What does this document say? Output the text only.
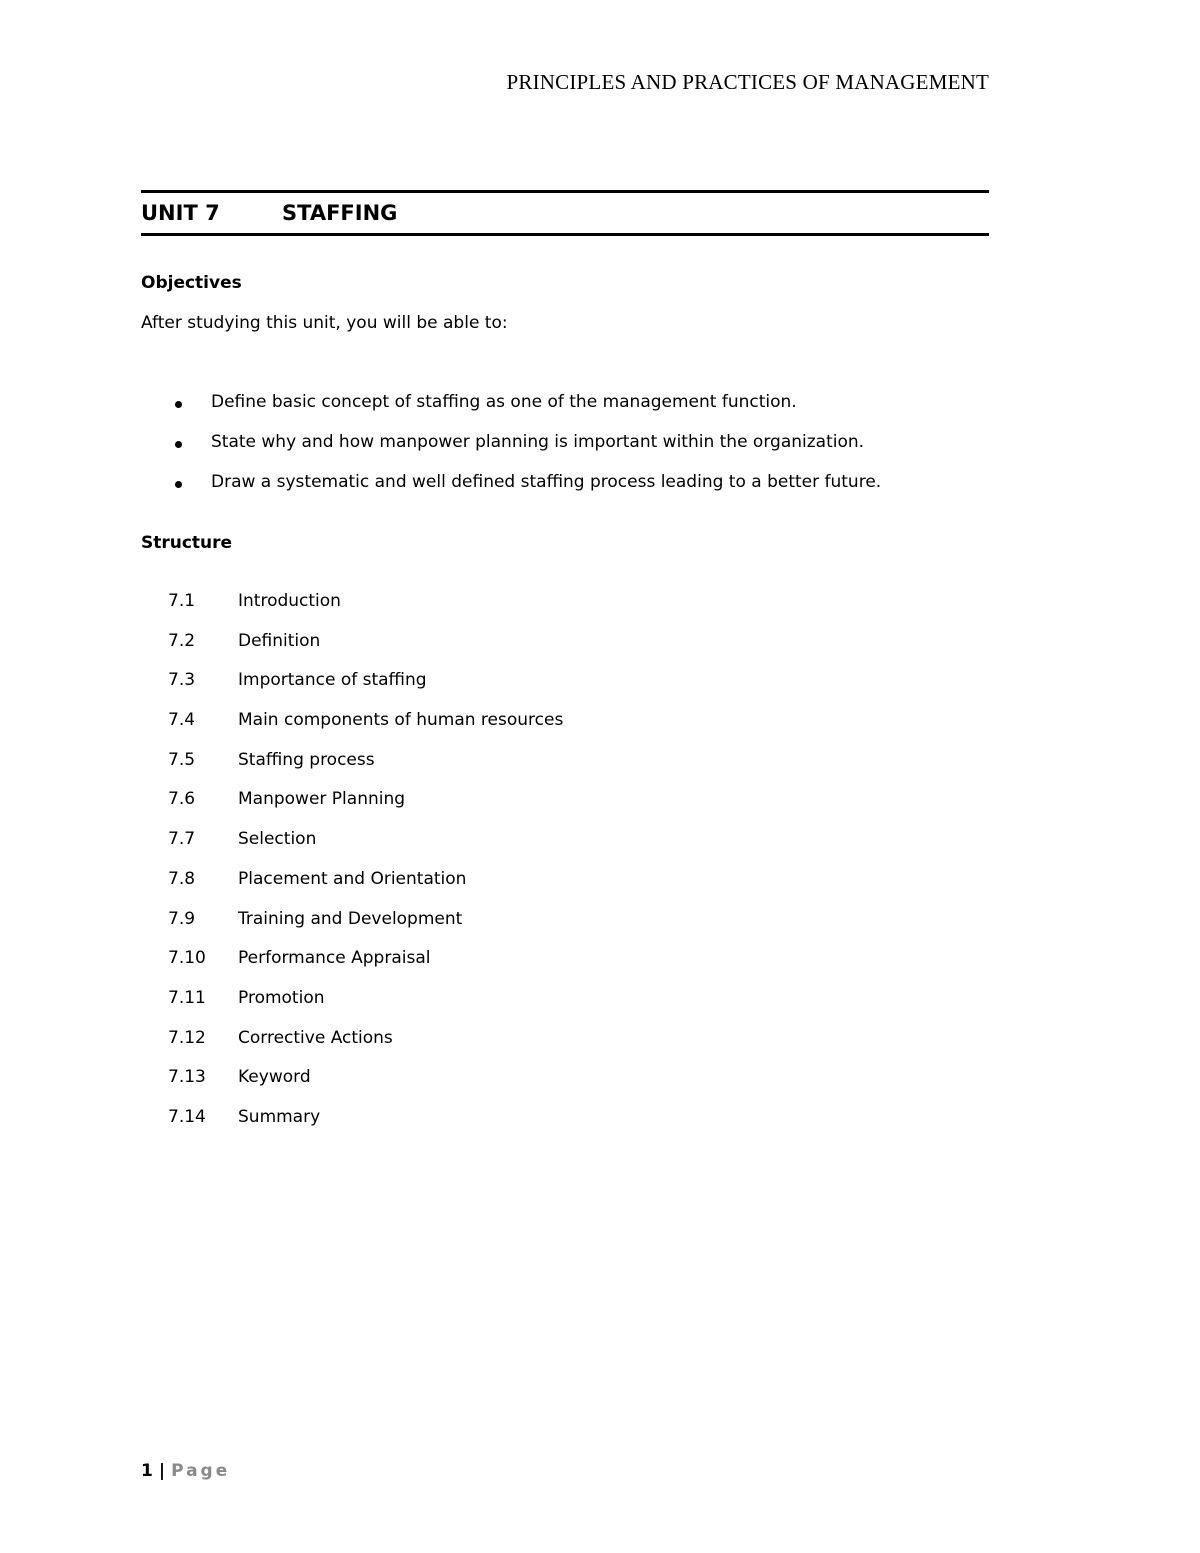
PRINCIPLES AND PRACTICES OF MANAGEMENT
UNIT 7	STAFFING
Objectives
After studying this unit, you will be able to:
Define basic concept of staffing as one of the management function.
State why and how manpower planning is important within the organization.
Draw a systematic and well defined staffing process leading to a better future.
Structure
7.1	Introduction
7.2	Definition
7.3	Importance of staffing
7.4	Main components of human resources
7.5	Staffing process
7.6	Manpower Planning
7.7	Selection
7.8	Placement and Orientation
7.9	Training and Development
7.10	Performance Appraisal
7.11	Promotion
7.12	Corrective Actions
7.13	Keyword
7.14	Summary
1 | Page
